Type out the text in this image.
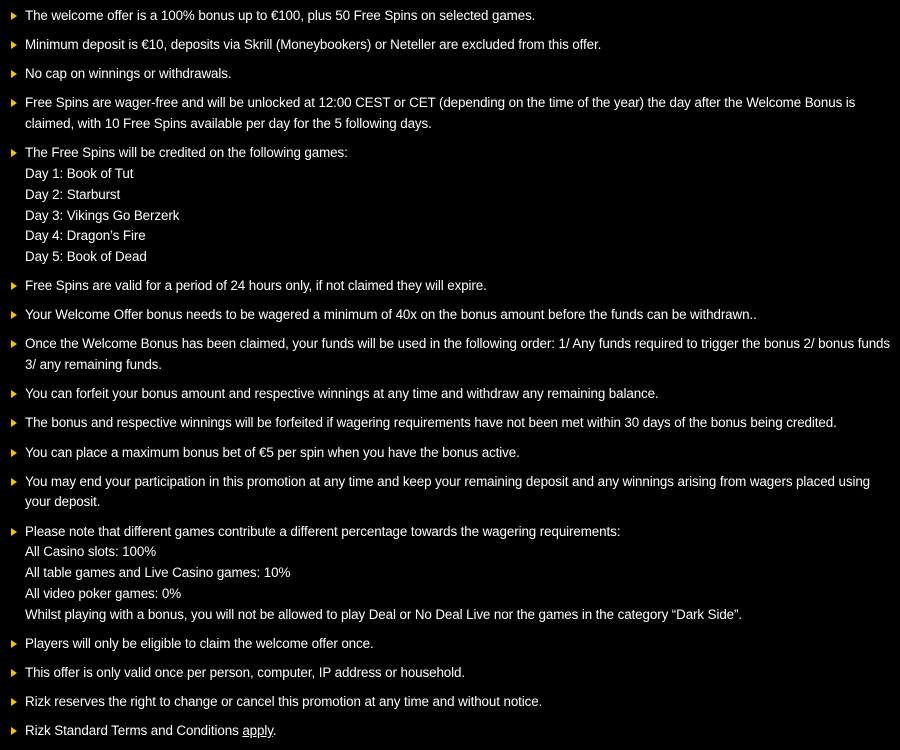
The welcome offer is a 100% bonus up to €100, plus 50 Free Spins on selected games.
Minimum deposit is €10, deposits via Skrill (Moneybookers) or Neteller are excluded from this offer.
No cap on winnings or withdrawals.
Free Spins are wager-free and will be unlocked at 12:00 CEST or CET (depending on the time of the year) the day after the Welcome Bonus is claimed, with 10 Free Spins available per day for the 5 following days.
The Free Spins will be credited on the following games:
Day 1: Book of Tut
Day 2: Starburst
Day 3: Vikings Go Berzerk
Day 4: Dragon’s Fire
Day 5: Book of Dead
Free Spins are valid for a period of 24 hours only, if not claimed they will expire.
Your Welcome Offer bonus needs to be wagered a minimum of 40x on the bonus amount before the funds can be withdrawn..
Once the Welcome Bonus has been claimed, your funds will be used in the following order: 1/ Any funds required to trigger the bonus 2/ bonus funds 3/ any remaining funds.
You can forfeit your bonus amount and respective winnings at any time and withdraw any remaining balance.
The bonus and respective winnings will be forfeited if wagering requirements have not been met within 30 days of the bonus being credited.
You can place a maximum bonus bet of €5 per spin when you have the bonus active.
You may end your participation in this promotion at any time and keep your remaining deposit and any winnings arising from wagers placed using your deposit.
Please note that different games contribute a different percentage towards the wagering requirements:
All Casino slots: 100%
All table games and Live Casino games: 10%
All video poker games: 0%
Whilst playing with a bonus, you will not be allowed to play Deal or No Deal Live nor the games in the category “Dark Side”.
Players will only be eligible to claim the welcome offer once.
This offer is only valid once per person, computer, IP address or household.
Rizk reserves the right to change or cancel this promotion at any time and without notice.
Rizk Standard Terms and Conditions apply.
